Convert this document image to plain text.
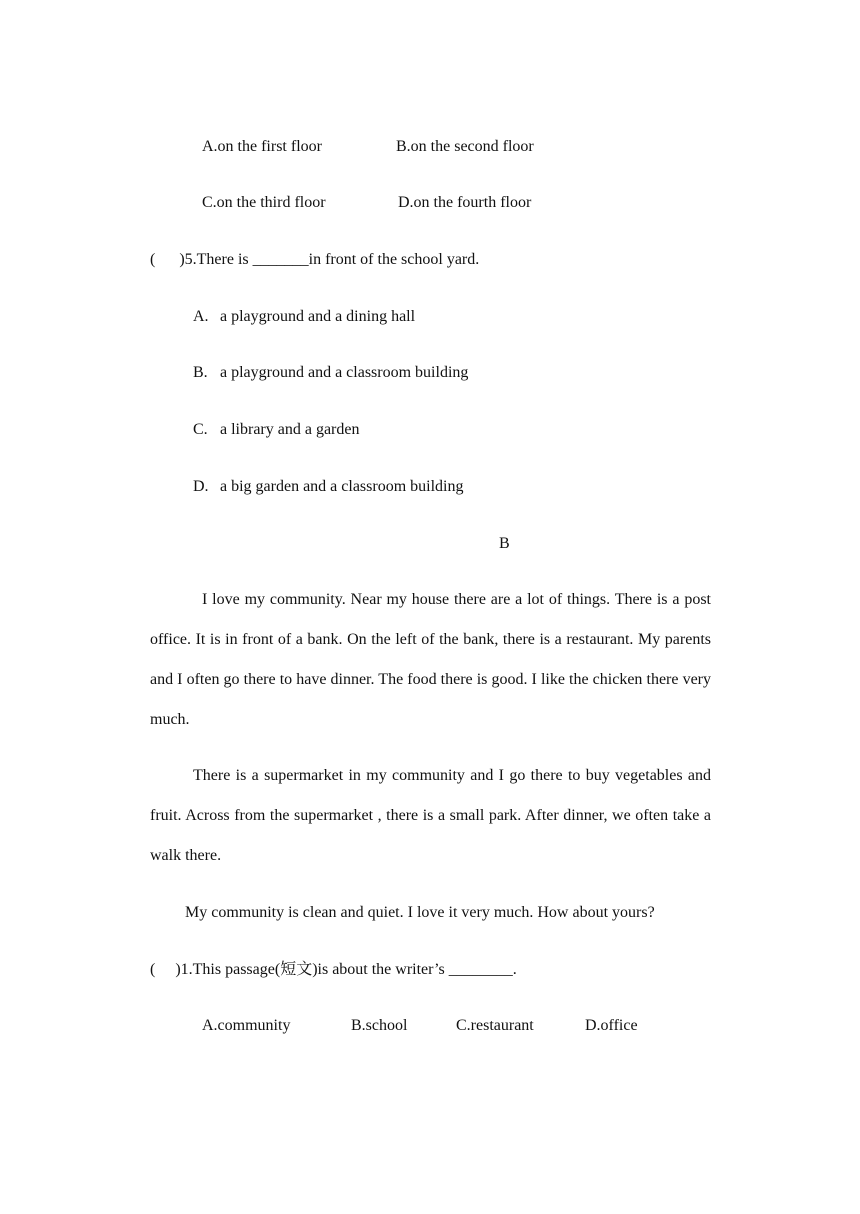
A.on the first floor	B.on the second floor
C.on the third floor	D.on the fourth floor
(  )5.There is _______in front of the school yard.
A. a playground and a dining hall
B. a playground and a classroom building
C. a library and a garden
D. a big garden and a classroom building
B
I love my community. Near my house there are a lot of things. There is a post office. It is in front of a bank. On the left of the bank, there is a restaurant. My parents and I often go there to have dinner. The food there is good. I like the chicken there very much.
There is a supermarket in my community and I go there to buy vegetables and fruit. Across from the supermarket , there is a small park. After dinner, we often take a walk there.
My community is clean and quiet. I love it very much. How about yours?
(  )1.This passage(短文)is about the writer’s ________.
A.community	B.school	C.restaurant	D.office
